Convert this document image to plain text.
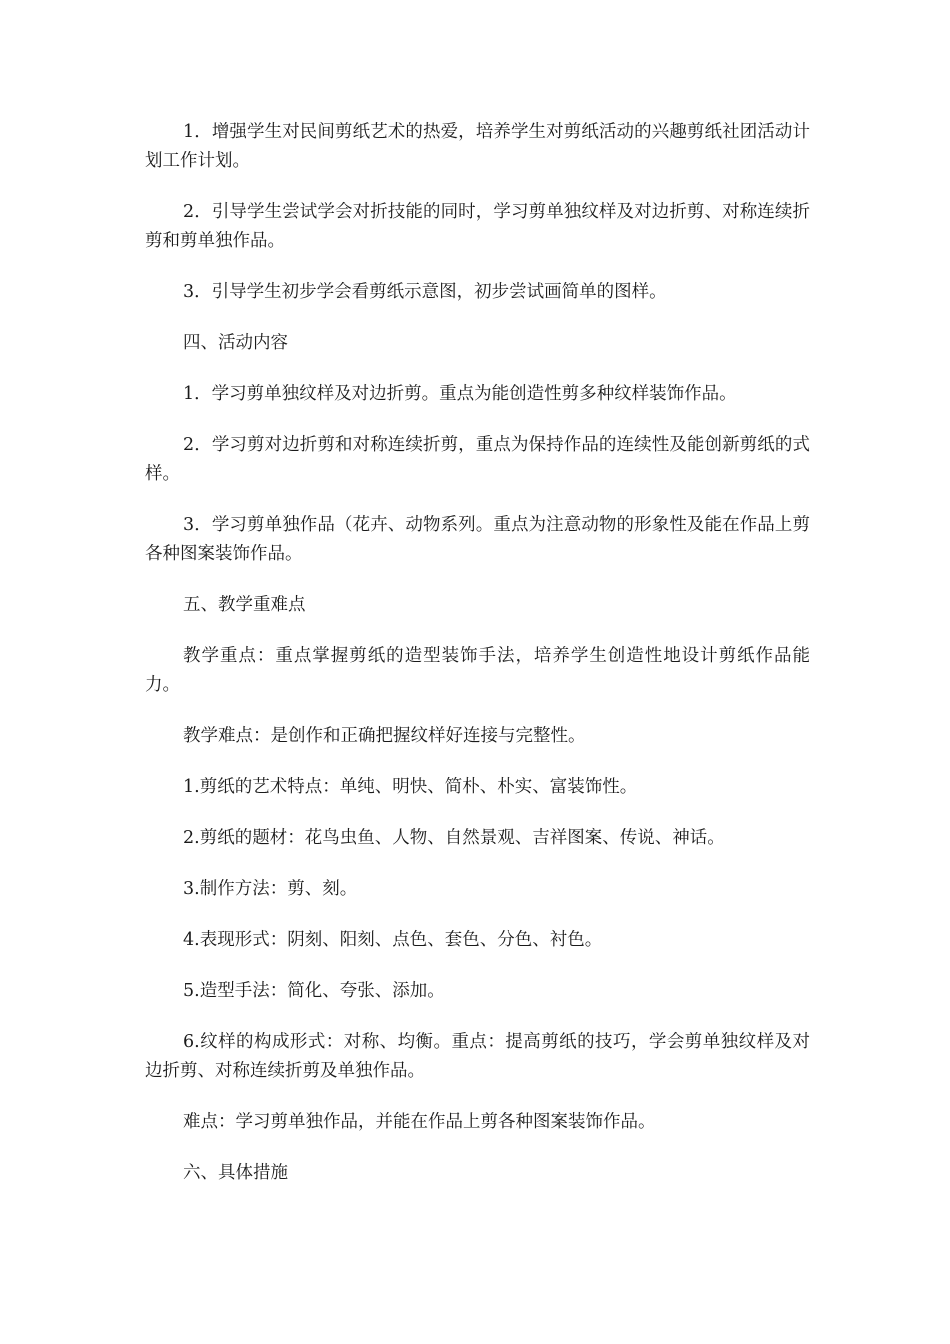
1．增强学生对民间剪纸艺术的热爱，培养学生对剪纸活动的兴趣剪纸社团活动计划工作计划。

2．引导学生尝试学会对折技能的同时，学习剪单独纹样及对边折剪、对称连续折剪和剪单独作品。

3．引导学生初步学会看剪纸示意图，初步尝试画简单的图样。

四、活动内容

1．学习剪单独纹样及对边折剪。重点为能创造性剪多种纹样装饰作品。

2．学习剪对边折剪和对称连续折剪，重点为保持作品的连续性及能创新剪纸的式样。

3．学习剪单独作品（花卉、动物系列。重点为注意动物的形象性及能在作品上剪各种图案装饰作品。

五、教学重难点

教学重点：重点掌握剪纸的造型装饰手法，培养学生创造性地设计剪纸作品能力。

教学难点：是创作和正确把握纹样好连接与完整性。

1.剪纸的艺术特点：单纯、明快、简朴、朴实、富装饰性。

2.剪纸的题材：花鸟虫鱼、人物、自然景观、吉祥图案、传说、神话。

3.制作方法：剪、刻。

4.表现形式：阴刻、阳刻、点色、套色、分色、衬色。

5.造型手法：简化、夸张、添加。

6.纹样的构成形式：对称、均衡。重点：提高剪纸的技巧，学会剪单独纹样及对边折剪、对称连续折剪及单独作品。

难点：学习剪单独作品，并能在作品上剪各种图案装饰作品。

六、具体措施
